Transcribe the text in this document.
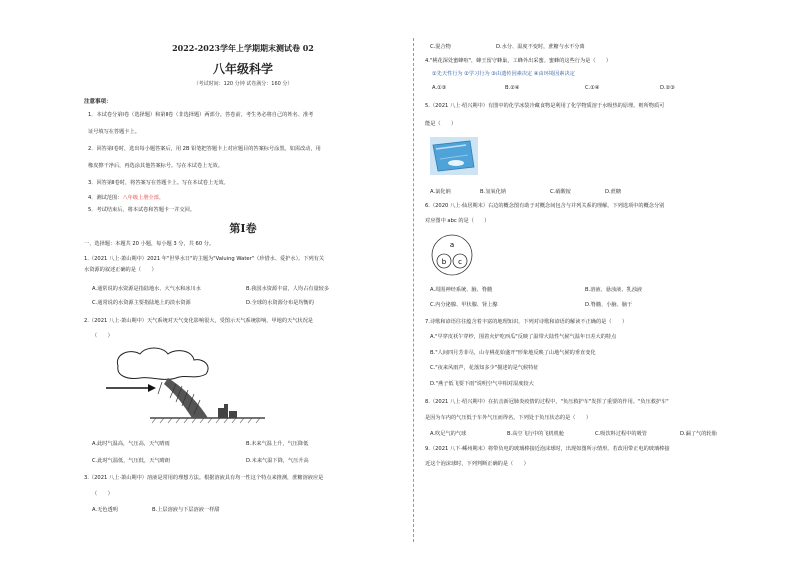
2022-2023学年上学期期末测试卷 02
八年级科学
（考试时间：120 分钟 试卷满分：160 分）
注意事项：
1．本试卷分第Ⅰ卷（选择题）和第Ⅱ卷（非选择题）两部分。答卷前，考生务必将自己的姓名、准考
证号填写在答题卡上。
2．回答第Ⅰ卷时，选出每小题答案后，用 2B 铅笔把答题卡上对应题目的答案标号涂黑。如需改动，用
橡皮擦干净后，再选涂其他答案标号。写在本试卷上无效。
3．回答第Ⅱ卷时，将答案写在答题卡上。写在本试卷上无效。
4．测试范围：八年级上册全部。
5．考试结束后，将本试卷和答题卡一并交回。
第Ⅰ卷
一、选择题：本题共 20 小题，每小题 3 分，共 60 分。
1.（2021 八上·萧山期中）2021 年"世界水日"的主题为"Valuing Water"（珍惜水、爱护水）。下列有关
水资源的叙述正确的是（　　）
A.通常说的水资源是指陆地水、大气水和冰川水	B.我国水资源丰富，人均占有量较多
C.通常说的水资源主要指陆地上的淡水资源	D.全球的水资源分布是均衡的
2.（2021 八上·萧山期中）天气系统对天气变化影响很大，受图示天气系统影响，甲地的天气状况是
（　　）
A.此时气温高，气压高，天气晴雨	B.未来气温上升，气压降低
C.此时气温低，气压低，天气晴朗	D.未来气温下降，气压升高
3.（2021 八上·萧山期中）溶液是常用的理想方法。根据溶液具有均一性这个特点来推测，蔗糖溶液应是
（　　）
A.无色透明	B.上层溶液与下层溶液一样甜
C.混合物	D.水分、温度不变时，蔗糖与水不分离
4."桃花深处蜜蜂喧"，蜂王留守蜂巢，工蜂外出采蜜。蜜蜂的这些行为是（　　）
①先天性行为 ②学习行为 ③由遗传因素决定 ④由环境因素决定
A.①③	B.②④	C.①④	D.②③
5.（2021 八上·绍兴期中）有图中的化学冰袋冷藏食物是利用了化学物质溶于水吸热的原理。则所物质可
能是（　　）
A.氯化钠	B.氢氧化钠	C.硝酸铵	D.蔗糖
6.（2020 八上·仙居期末）右边的概念图有助于对概念间包含与并列关系的理解。下列选项中的概念分别
对应图中 abc 的是（　　）
a
b c
A.周围神经系统、脑、脊髓	B.溶液、悬浊液、乳浊液
C.内分泌腺、甲状腺、肾上腺	D.脊髓、小脑、脑干
7.诗歌和谚语往往蕴含着丰富的地理知识，下列对诗歌和谚语的解读不正确的是（　　）
A."早穿皮袄午穿纱，围着火炉吃西瓜"反映了温带大陆性气候气温年日差大的特点
B."人间四月芳菲尽，山寺桃花始盛开"形象地反映了山地气候的垂直变化
C."夜来风雨声，花落知多少"描述的是气候特征
D."燕子低飞要下雨"说明空气中相对湿度较大
8.（2021 八上·绍兴期中）在抗击新冠肺炎疫情的过程中，"负压救护车"发挥了重要的作用。"负压救护车"
是因为车内的气压低于车外气压而得名。下列处于负压状态的是（　　）
A.吹足气的气球	B.高空飞行中的飞机机舱	C.吸饮料过程中的吸管	D.漏了气的轮胎
9.（2021 八下·嵊州期末）将带负电的玻璃棒接近泡沫球时，出现如图所示情形。若改用带正电的玻璃棒接
近这个泡沫球时，下列判断正确的是（　　）
